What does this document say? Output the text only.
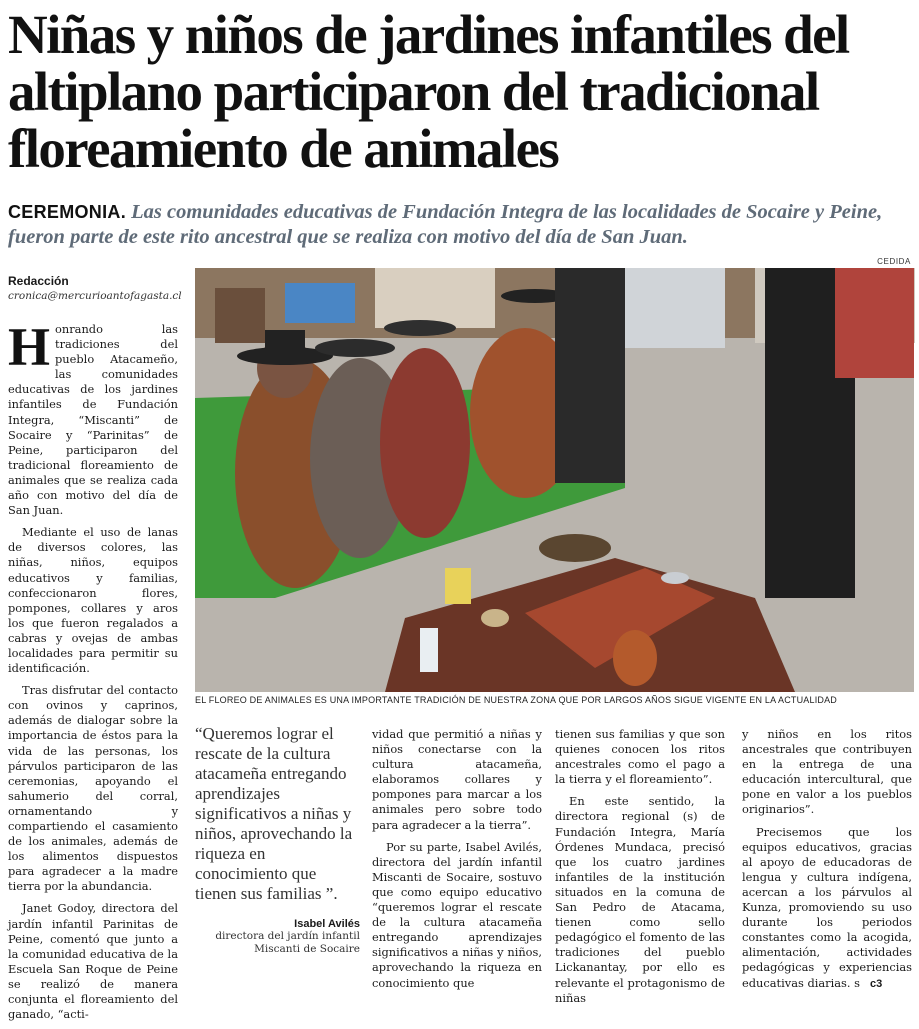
Niñas y niños de jardines infantiles del
altiplano participaron del tradicional
floreamiento de animales
CEREMONIA. Las comunidades educativas de Fundación Integra de las localidades de Socaire y Peine, fueron parte de este rito ancestral que se realiza con motivo del día de San Juan.
CEDIDA
Redacción
cronica@mercurioantofagasta.cl

Honrando las tradiciones del pueblo Atacameño, las comunidades educativas de los jardines infantiles de Fundación Integra, “Miscanti” de Socaire y “Parinitas” de Peine, participaron del tradicional floreamiento de animales que se realiza cada año con motivo del día de San Juan.

Mediante el uso de lanas de diversos colores, las niñas, niños, equipos educativos y familias, confeccionaron flores, pompones, collares y aros los que fueron regalados a cabras y ovejas de ambas localidades para permitir su identificación.

Tras disfrutar del contacto con ovinos y caprinos, además de dialogar sobre la importancia de éstos para la vida de las personas, los párvulos participaron de las ceremonias, apoyando el sahumerio del corral, ornamentando y compartiendo el casamiento de los animales, además de los alimentos dispuestos para agradecer a la madre tierra por la abundancia.

Janet Godoy, directora del jardín infantil Parinitas de Peine, comentó que junto a la comunidad educativa de la Escuela San Roque de Peine se realizó de manera conjunta el floreamiento del ganado, “acti-

EL FLOREO DE ANIMALES ES UNA IMPORTANTE TRADICIÓN DE NUESTRA ZONA QUE POR LARGOS AÑOS SIGUE VIGENTE EN LA ACTUALIDAD
“Queremos lograr el rescate de la cultura atacameña entregando aprendizajes significativos a niñas y niños, aprovechando la riqueza en conocimiento que tienen sus familias ”.
Isabel Avilés
directora del jardín infantil Miscanti de Socaire

vidad que permitió a niñas y niños conectarse con la cultura atacameña, elaboramos collares y pompones para marcar a los animales pero sobre todo para agradecer a la tierra”.

Por su parte, Isabel Avilés, directora del jardín infantil Miscanti de Socaire, sostuvo que como equipo educativo “queremos lograr el rescate de la cultura atacameña entregando aprendizajes significativos a niñas y niños, aprovechando la riqueza en conocimiento que

tienen sus familias y que son quienes conocen los ritos ancestrales como el pago a la tierra y el floreamiento”.

En este sentido, la directora regional (s) de Fundación Integra, María Órdenes Mundaca, precisó que los cuatro jardines infantiles de la institución situados en la comuna de San Pedro de Atacama, tienen como sello pedagógico el fomento de las tradiciones del pueblo Lickanantay, por ello es relevante el protagonismo de niñas

y niños en los ritos ancestrales que contribuyen en la entrega de una educación intercultural, que pone en valor a los pueblos originarios”.

Precisemos que los equipos educativos, gracias al apoyo de educadoras de lengua y cultura indígena, acercan a los párvulos al Kunza, promoviendo su uso durante los periodos constantes como la acogida, alimentación, actividades pedagógicas y experiencias educativas diarias. s ᴄ3
